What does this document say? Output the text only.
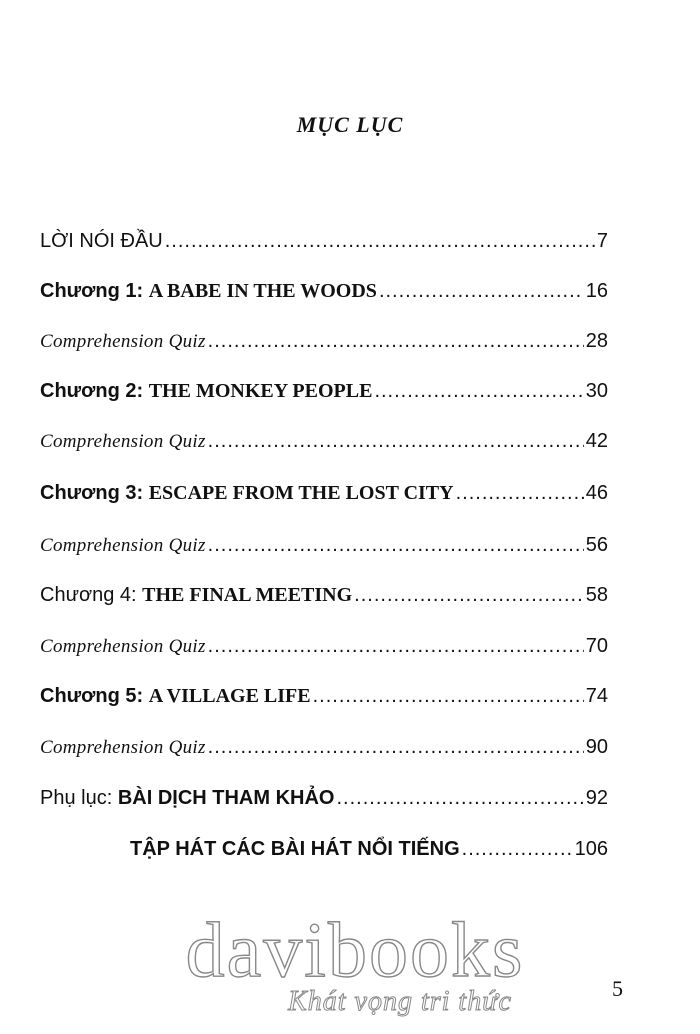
MỤC LỤC
LỜI NÓI ĐẦU .....	7
Chương 1: A BABE IN THE WOODS .....	16
Comprehension Quiz .....	28
Chương 2: THE MONKEY PEOPLE .....	30
Comprehension Quiz .....	42
Chương 3: ESCAPE FROM THE LOST CITY .....	46
Comprehension Quiz .....	56
Chương 4: THE FINAL MEETING .....	58
Comprehension Quiz .....	70
Chương 5: A VILLAGE LIFE .....	74
Comprehension Quiz .....	90
Phụ lục: BÀI DỊCH THAM KHẢO .....	92
TẬP HÁT CÁC BÀI HÁT NỔI TIẾNG .....	106
davibooks
Khát vọng tri thức	5
